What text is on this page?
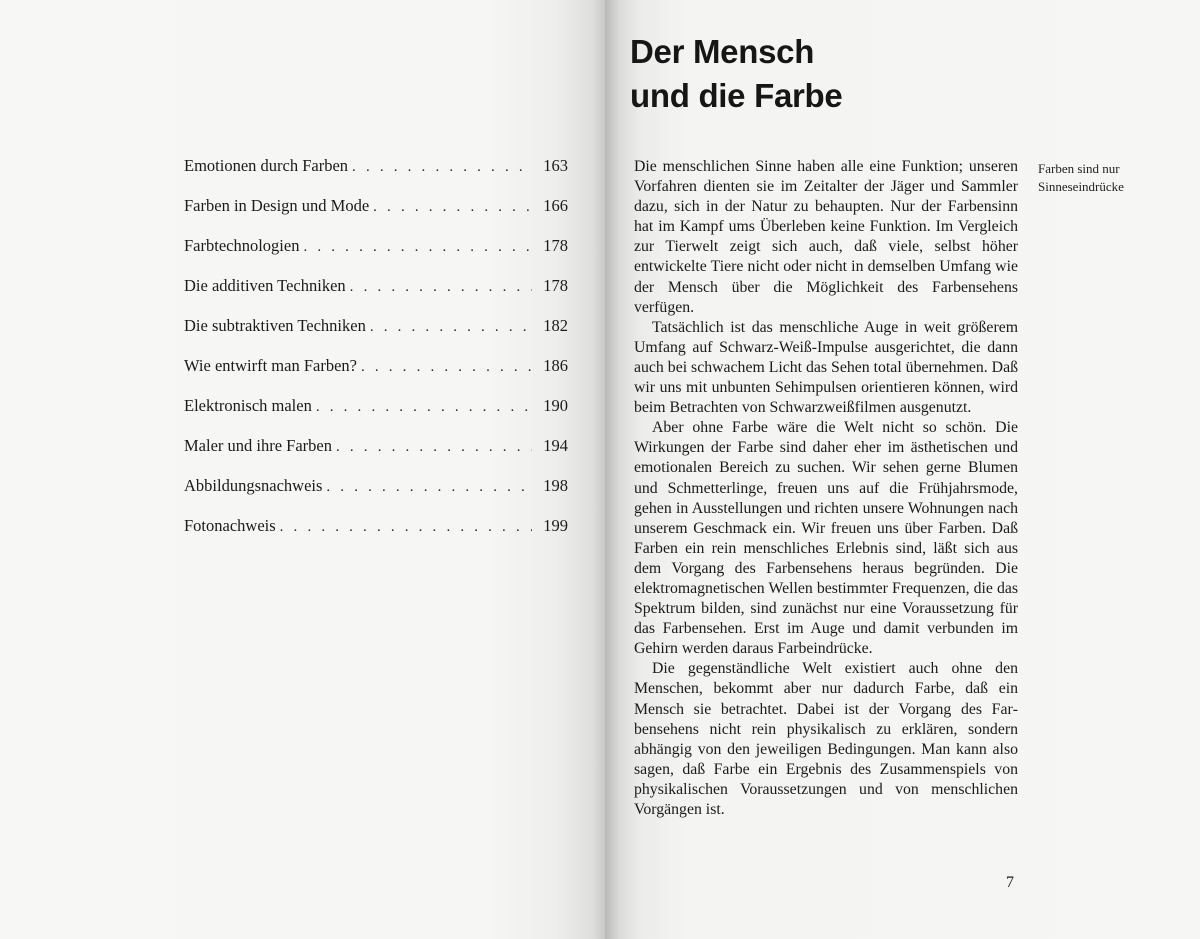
Emotionen durch Farben . . .	163
Farben in Design und Mode . . .	166
Farbtechnologien . . .	178
Die additiven Techniken . . .	178
Die subtraktiven Techniken . . .	182
Wie entwirft man Farben? . . .	186
Elektronisch malen . . .	190
Maler und ihre Farben . . .	194
Abbildungsnachweis . . .	198
Fotonachweis . . .	199
Der Mensch
und die Farbe

Die menschlichen Sinne haben alle eine Funktion; unseren Vorfahren dienten sie im Zeitalter der Jäger und Sammler dazu, sich in der Natur zu behaupten. Nur der Farbensinn hat im Kampf ums Überleben keine Funktion. Im Vergleich zur Tierwelt zeigt sich auch, daß viele, selbst höher entwickelte Tiere nicht oder nicht in demselben Umfang wie der Mensch über die Möglichkeit des Farbensehens verfügen.

Tatsächlich ist das menschliche Auge in weit größerem Umfang auf Schwarz-Weiß-Impulse ausgerichtet, die dann auch bei schwachem Licht das Sehen total übernehmen. Daß wir uns mit unbunten Sehimpulsen orientieren können, wird beim Betrachten von Schwarzweißfilmen ausgenutzt.

Aber ohne Farbe wäre die Welt nicht so schön. Die Wirkungen der Farbe sind daher eher im ästhetischen und emotionalen Bereich zu suchen. Wir sehen gerne Blumen und Schmetterlinge, freuen uns auf die Frühjahrsmode, gehen in Ausstellungen und richten unsere Wohnungen nach unserem Geschmack ein. Wir freuen uns über Farben. Daß Farben ein rein menschliches Erlebnis sind, läßt sich aus dem Vorgang des Farbensehens heraus begründen. Die elektromagnetischen Wellen bestimmter Frequenzen, die das Spektrum bilden, sind zunächst nur eine Voraussetzung für das Farbensehen. Erst im Auge und damit verbunden im Gehirn werden daraus Farbeindrücke.

Die gegenständliche Welt existiert auch ohne den Menschen, bekommt aber nur dadurch Farbe, daß ein Mensch sie betrachtet. Dabei ist der Vorgang des Farbensehens nicht rein physikalisch zu erklären, sondern abhängig von den jeweiligen Bedingungen. Man kann also sagen, daß Farbe ein Ergebnis des Zusammenspiels von physikalischen Voraussetzungen und von menschlichen Vorgängen ist.

Farben sind nur
Sinneseindrücke
7
